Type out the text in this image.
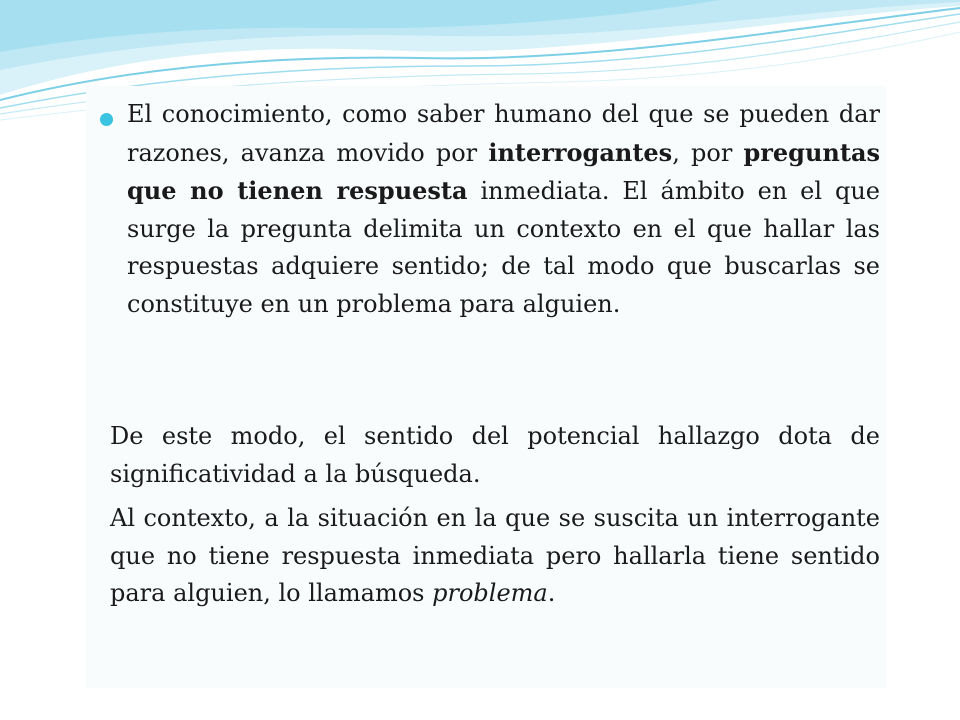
El conocimiento, como saber humano del que se pueden dar razones, avanza movido por interrogantes, por preguntas que no tienen respuesta inmediata. El ámbito en el que surge la pregunta delimita un contexto en el que hallar las respuestas adquiere sentido; de tal modo que buscarlas se constituye en un problema para alguien.
De este modo, el sentido del potencial hallazgo dota de significatividad a la búsqueda.
Al contexto, a la situación en la que se suscita un interrogante que no tiene respuesta inmediata pero hallarla tiene sentido para alguien, lo llamamos problema.
